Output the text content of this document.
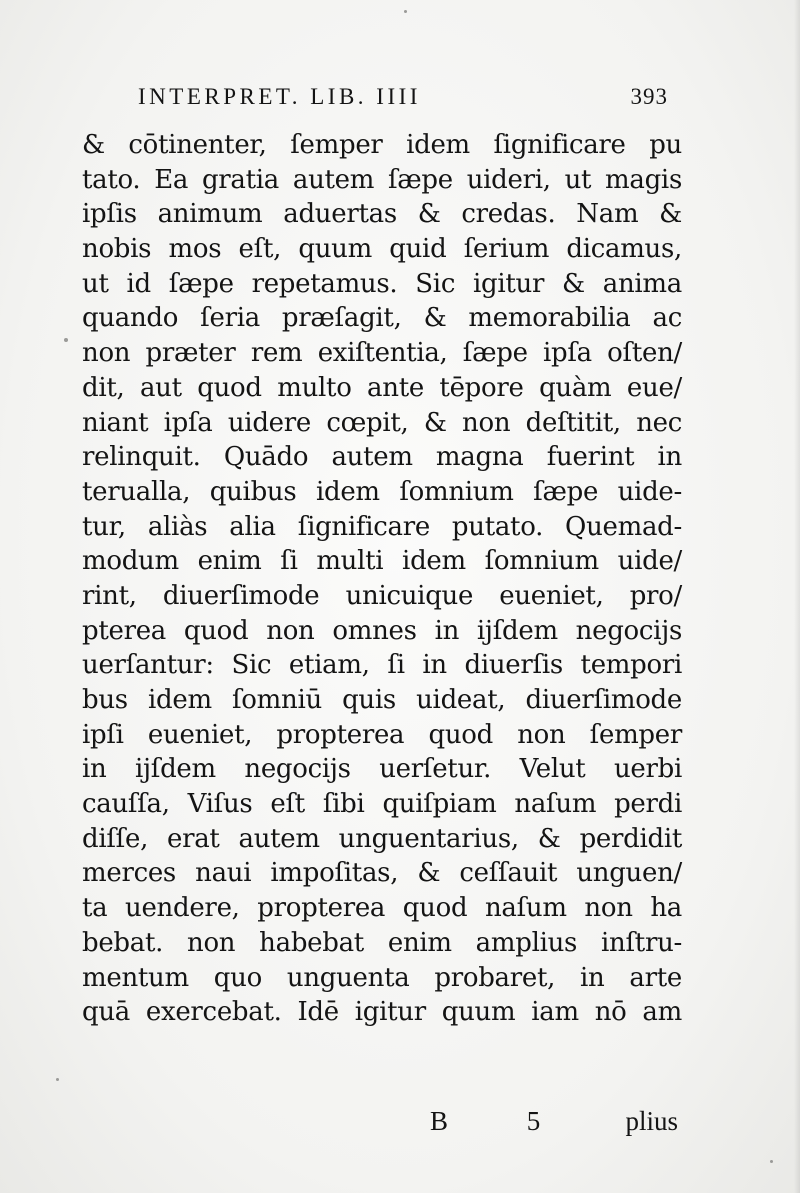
INTERPRET. LIB. IIII	393
& cōtinenter, ſemper idem ſignificare pu
tato. Ea gratia autem ſæpe uideri, ut magis
ipſis animum aduertas & credas. Nam &
nobis mos eſt, quum quid ſerium dicamus,
ut id ſæpe repetamus. Sic igitur & anima
quando ſeria præſagit, & memorabilia ac
non præter rem exiſtentia, ſæpe ipſa oſten/
dit, aut quod multo ante tēpore quàm eue/
niant ipſa uidere cœpit, & non deſtitit, nec
relinquit. Quādo autem magna fuerint in
teruallа, quibus idem ſomnium ſæpe uide-
tur, aliàs alia ſignificare putato. Quemad-
modum enim ſi multi idem ſomnium uide/
rint, diuerſimode unicuique eueniet, pro/
pterea quod non omnes in ijſdem negocijs
uerſantur: Sic etiam, ſi in diuerſis tempori
bus idem ſomniū quis uideat, diuerſimode
ipſi eueniet, propterea quod non ſemper
in ijſdem negocijs uerſetur. Velut uerbi
cauſſa, Viſus eſt ſibi quiſpiam naſum perdi
diſſe, erat autem unguentarius, & perdidit
merces naui impoſitas, & ceſſauit unguen/
ta uendere, propterea quod naſum non ha
bebat. non habebat enim amplius inſtru-
mentum quo unguenta probaret, in arte
quā exercebat. Idē igitur quum iam nō am
B 5 plius
